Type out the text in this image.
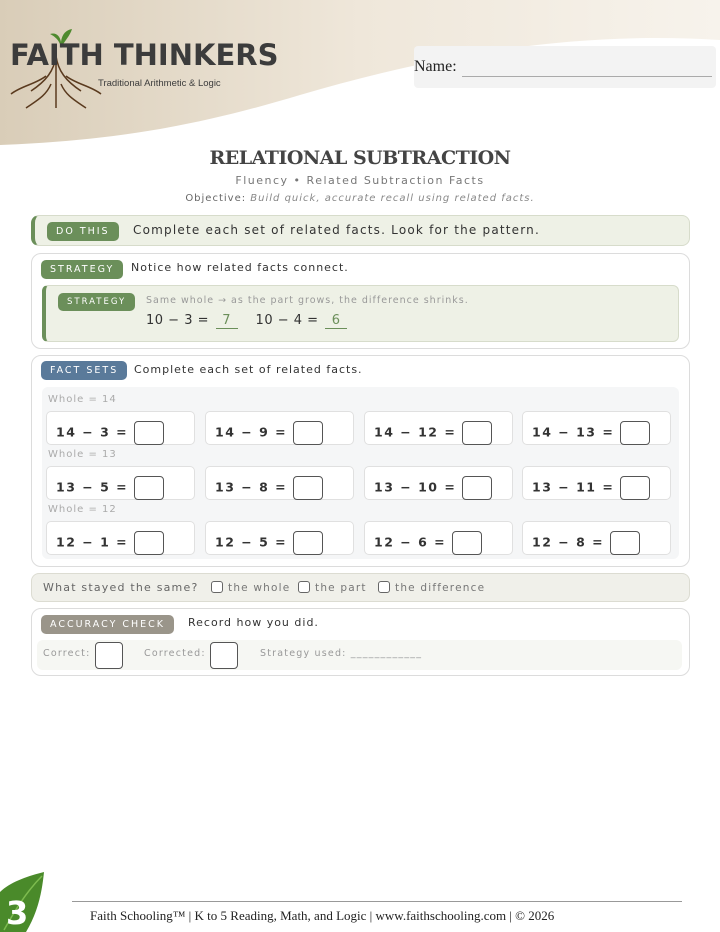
FAITH THINKERS
Traditional Arithmetic & Logic
Name:
RELATIONAL SUBTRACTION
Fluency • Related Subtraction Facts
Objective: Build quick, accurate recall using related facts.
DO THIS	Complete each set of related facts. Look for the pattern.
STRATEGY	Notice how related facts connect.
STRATEGY	Same whole → as the part grows, the difference shrinks.
10 − 3 = 7 10 − 4 = 6
FACT SETS	Complete each set of related facts.
Whole = 14
14 − 3 =	14 − 9 =	14 − 12 =	14 − 13 =
Whole = 13
13 − 5 =	13 − 8 =	13 − 10 =	13 − 11 =
Whole = 12
12 − 1 =	12 − 5 =	12 − 6 =	12 − 8 =
What stayed the same?	the whole	the part	the difference
ACCURACY CHECK	Record how you did.
Correct:	Corrected:	Strategy used: ____________
3	Faith Schooling™ | K to 5 Reading, Math, and Logic | www.faithschooling.com | © 2026
